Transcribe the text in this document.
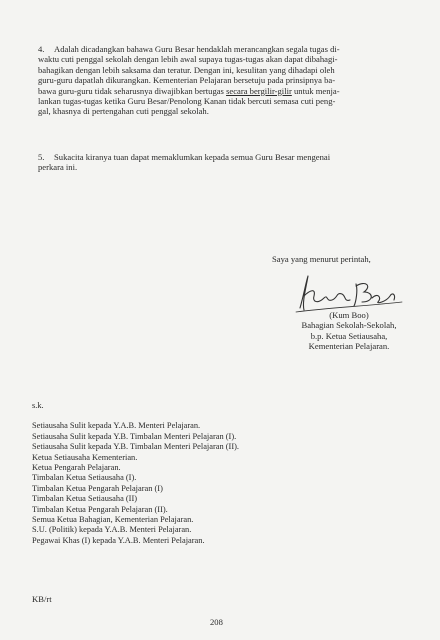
4. Adalah dicadangkan bahawa Guru Besar hendaklah merancangkan segala tugas di-
waktu cuti penggal sekolah dengan lebih awal supaya tugas-tugas akan dapat dibahagi-
bahagikan dengan lebih saksama dan teratur. Dengan ini, kesulitan yang dihadapi oleh
guru-guru dapatlah dikurangkan. Kementerian Pelajaran bersetuju pada prinsipnya ba-
bawa guru-guru tidak seharusnya diwajibkan bertugas secara bergilir-gilir untuk menja-
lankan tugas-tugas ketika Guru Besar/Penolong Kanan tidak bercuti semasa cuti peng-
gal, khasnya di pertengahan cuti penggal sekolah.
5. Sukacita kiranya tuan dapat memaklumkan kepada semua Guru Besar mengenai
perkara ini.
Saya yang menurut perintah,
(Kum Boo)
Bahagian Sekolah-Sekolah,
b.p. Ketua Setiausaha,
Kementerian Pelajaran.
s.k.
Setiausaha Sulit kepada Y.A.B. Menteri Pelajaran.
Setiausaha Sulit kepada Y.B. Timbalan Menteri Pelajaran (I).
Setiausaha Sulit kepada Y.B. Timbalan Menteri Pelajaran (II).
Ketua Setiausaha Kementerian.
Ketua Pengarah Pelajaran.
Timbalan Ketua Setiausaha (I).
Timbalan Ketua Pengarah Pelajaran (I)
Timbalan Ketua Setiausaha (II)
Timbalan Ketua Pengarah Pelajaran (II).
Semua Ketua Bahagian, Kementerian Pelajaran.
S.U. (Politik) kepada Y.A.B. Menteri Pelajaran.
Pegawai Khas (I) kepada Y.A.B. Menteri Pelajaran.
KB/rt
208
